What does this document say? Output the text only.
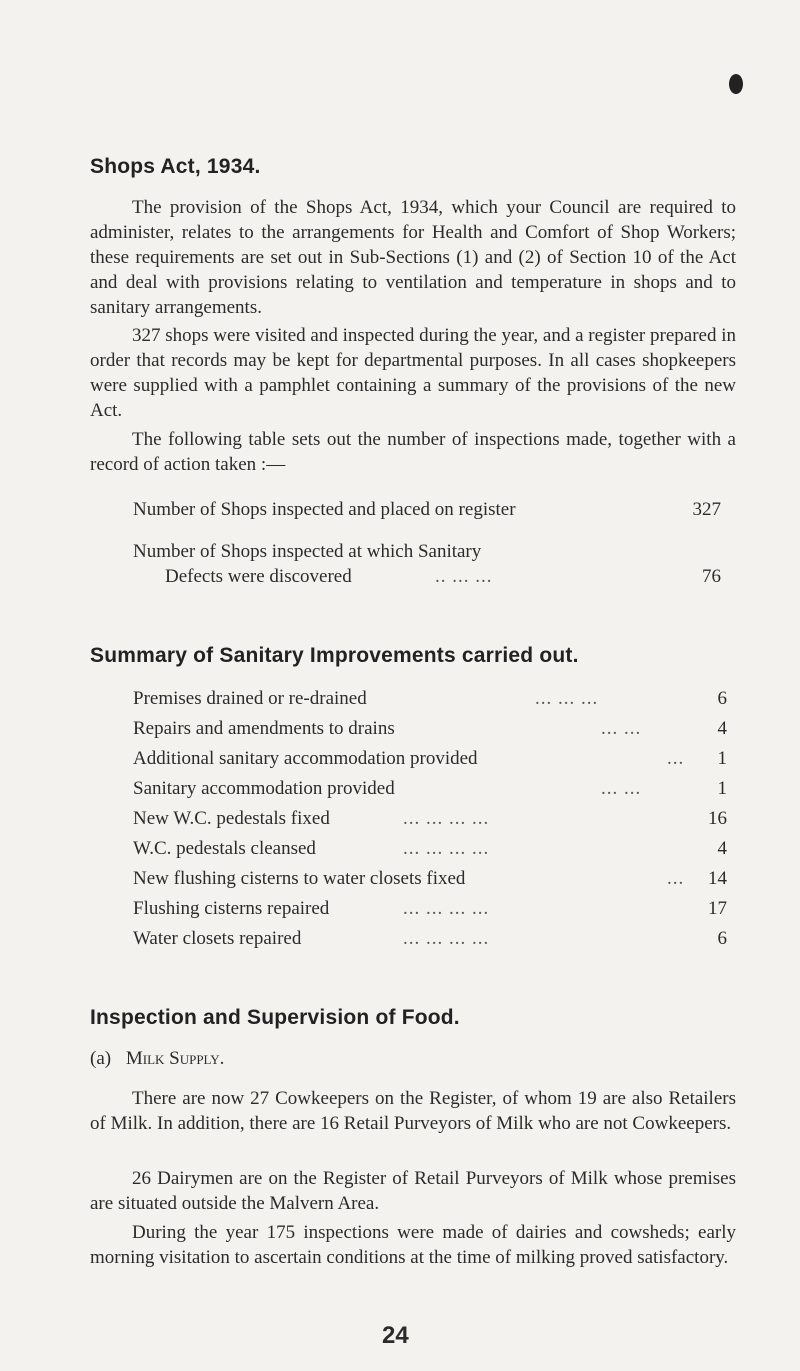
Shops Act, 1934.

The provision of the Shops Act, 1934, which your Council are required to administer, relates to the arrangements for Health and Comfort of Shop Workers; these requirements are set out in Sub-Sections (1) and (2) of Section 10 of the Act and deal with provisions relating to ventilation and temperature in shops and to sanitary arrangements.

327 shops were visited and inspected during the year, and a register prepared in order that records may be kept for departmental purposes. In all cases shopkeepers were supplied with a pamphlet containing a summary of the provisions of the new Act.

The following table sets out the number of inspections made, together with a record of action taken :—

Number of Shops inspected and placed on register	327
Number of Shops inspected at which Sanitary
Defects were discovered	.. ... ...	76
Summary of Sanitary Improvements carried out.
Premises drained or re-drained	... ... ...	6
Repairs and amendments to drains	... ...	4
Additional sanitary accommodation provided	...	1
Sanitary accommodation provided	... ...	1
New W.C. pedestals fixed	... ... ... ...	16
W.C. pedestals cleansed	... ... ... ...	4
New flushing cisterns to water closets fixed	...	14
Flushing cisterns repaired	... ... ... ...	17
Water closets repaired	... ... ... ...	6
Inspection and Supervision of Food.
(a) Milk Supply.

There are now 27 Cowkeepers on the Register, of whom 19 are also Retailers of Milk. In addition, there are 16 Retail Purveyors of Milk who are not Cowkeepers.

26 Dairymen are on the Register of Retail Purveyors of Milk whose premises are situated outside the Malvern Area.

During the year 175 inspections were made of dairies and cowsheds; early morning visitation to ascertain conditions at the time of milking proved satisfactory.

24
